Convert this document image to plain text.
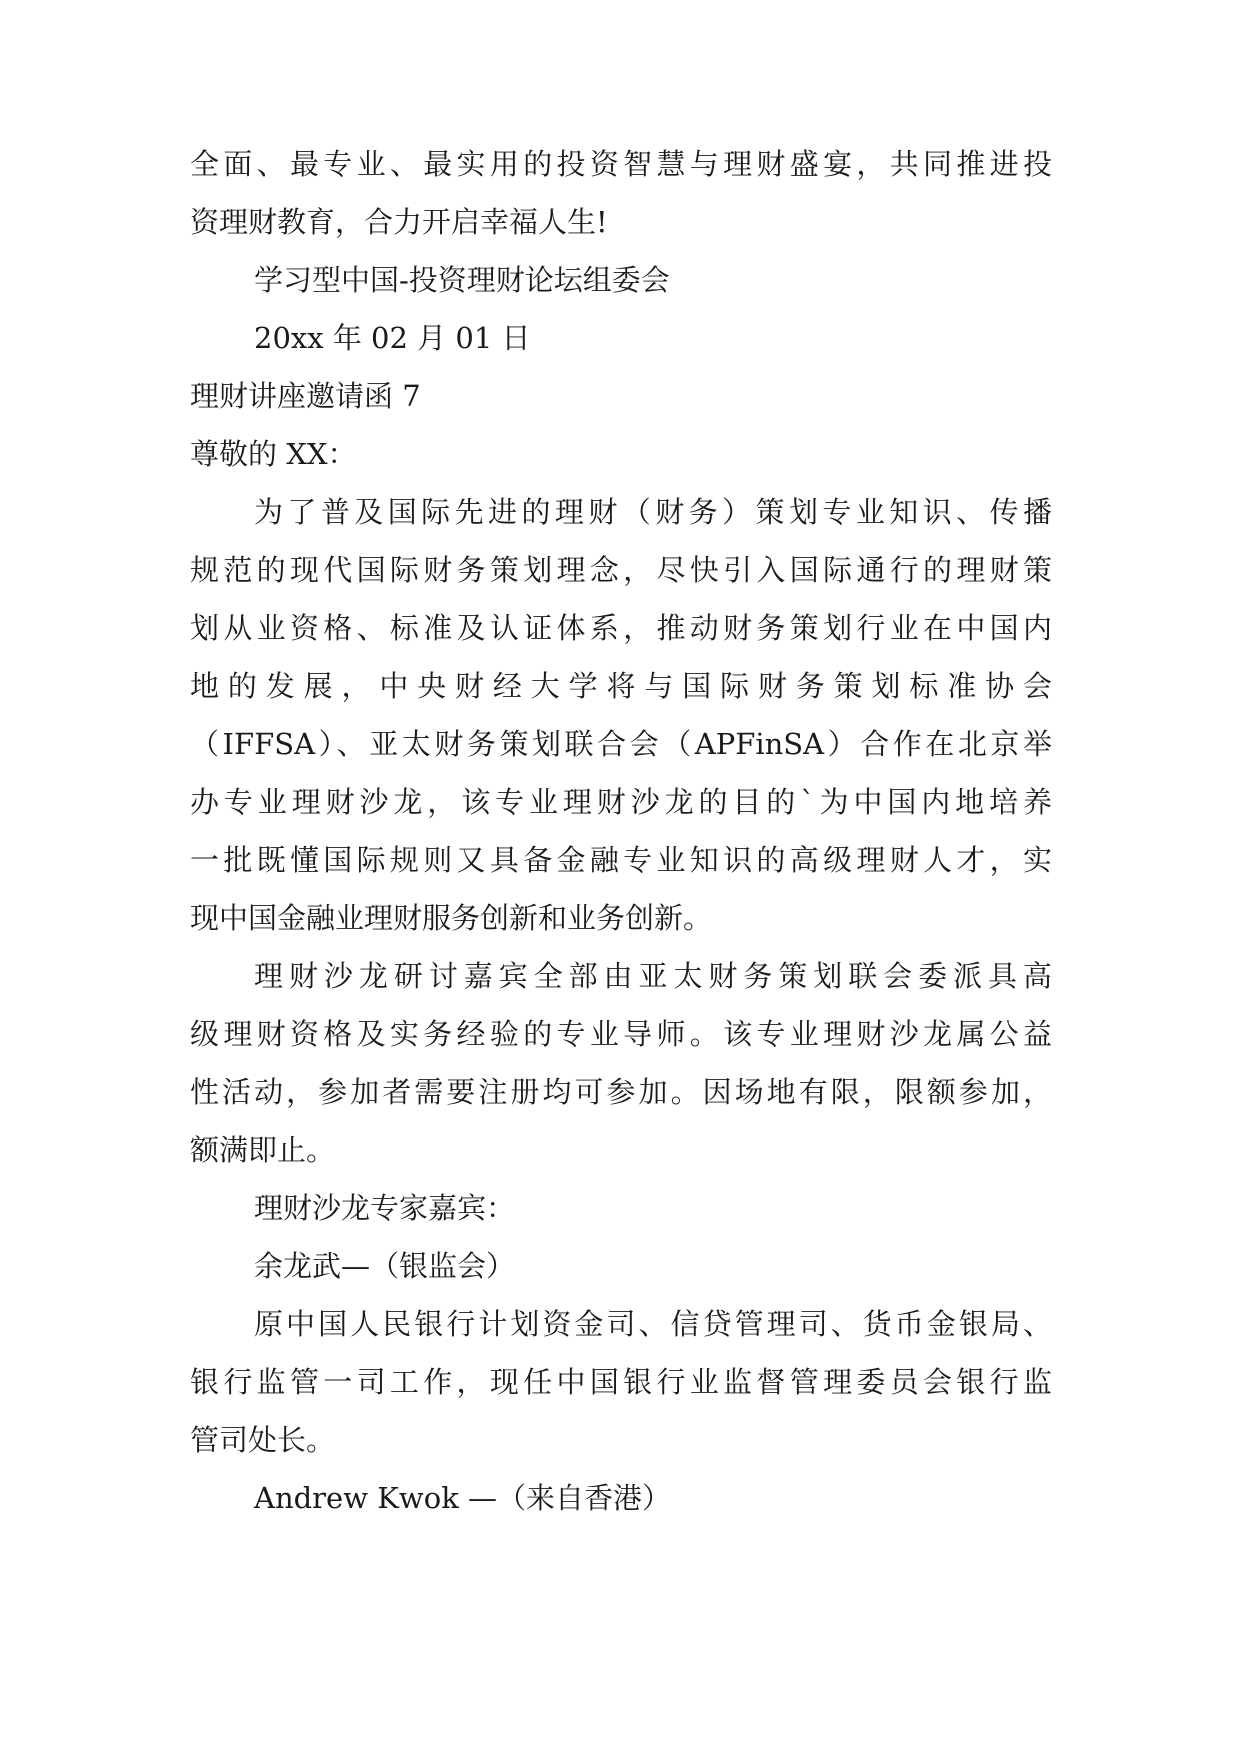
全面、最专业、最实用的投资智慧与理财盛宴，共同推进投
资理财教育，合力开启幸福人生!
学习型中国-投资理财论坛组委会
20xx 年 02 月 01 日
理财讲座邀请函 7
尊敬的 XX：
为了普及国际先进的理财（财务）策划专业知识、传播
规范的现代国际财务策划理念，尽快引入国际通行的理财策
划从业资格、标准及认证体系，推动财务策划行业在中国内
地的发展，中央财经大学将与国际财务策划标准协会
（IFFSA）、亚太财务策划联合会（APFinSA）合作在北京举
办专业理财沙龙，该专业理财沙龙的目的`为中国内地培养
一批既懂国际规则又具备金融专业知识的高级理财人才，实
现中国金融业理财服务创新和业务创新。
理财沙龙研讨嘉宾全部由亚太财务策划联会委派具高
级理财资格及实务经验的专业导师。该专业理财沙龙属公益
性活动，参加者需要注册均可参加。因场地有限，限额参加，
额满即止。
理财沙龙专家嘉宾：
余龙武—（银监会）
原中国人民银行计划资金司、信贷管理司、货币金银局、
银行监管一司工作，现任中国银行业监督管理委员会银行监
管司处长。
Andrew Kwok —（来自香港）
